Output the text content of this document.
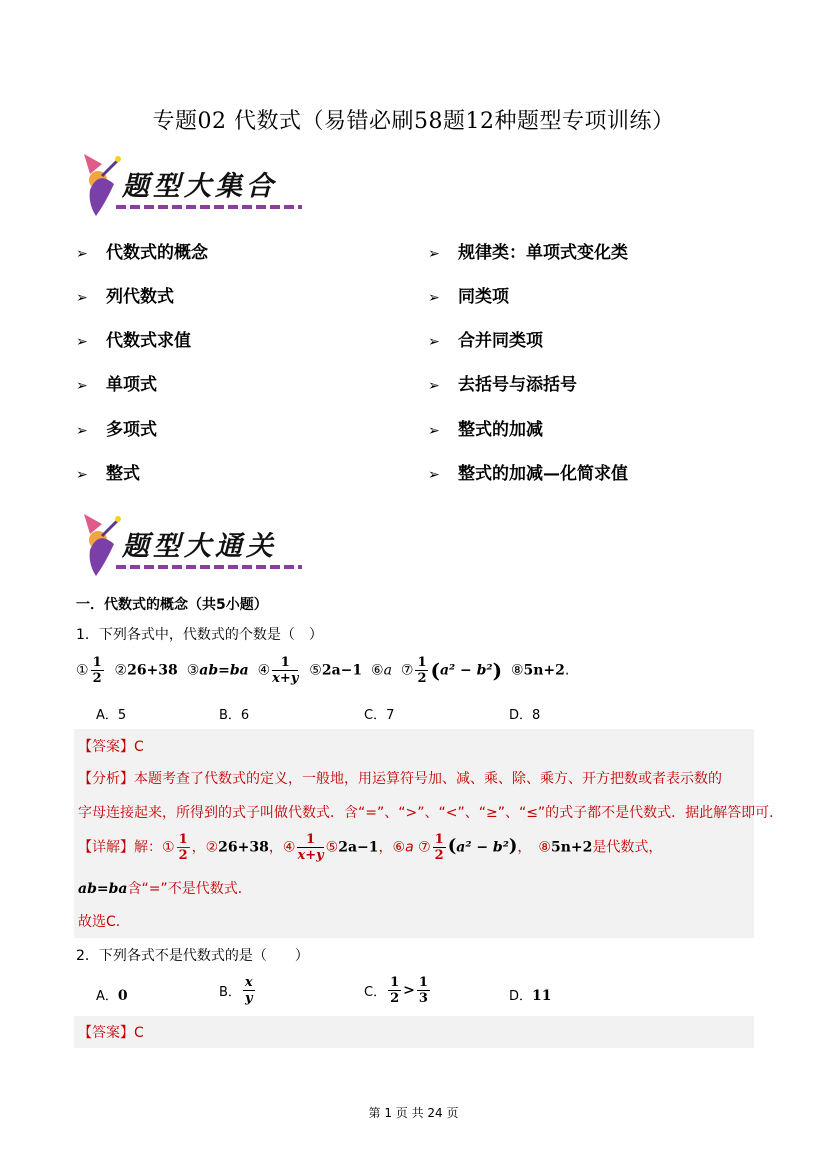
专题02 代数式（易错必刷58题12种题型专项训练）
题型大集合
➢ 代数式的概念
➢ 列代数式
➢ 代数式求值
➢ 单项式
➢ 多项式
➢ 整式
➢ 规律类：单项式变化类
➢ 同类项
➢ 合并同类项
➢ 去括号与添括号
➢ 整式的加减
➢ 整式的加减—化简求值
题型大通关
一．代数式的概念（共5小题）
1．下列各式中，代数式的个数是（　）
① $\frac{1}{2}$ ②26+38 ③ab=ba ④ $\frac{1}{x+y}$ ⑤2a−1 ⑥a ⑦ $\frac{1}{2} (a^2 - b^2)$ ⑧5n+2.
A．5	B．6	C．7	D．8
【答案】C
【分析】本题考查了代数式的定义，一般地，用运算符号加、减、乘、除、乘方、开方把数或者表示数的
字母连接起来，所得到的式子叫做代数式．含“=”、“>”、“<”、“≥”、“≤”的式子都不是代数式．据此解答即可．
【详解】解：① $\frac{1}{2}$ ，②26+38，④ $\frac{1}{x+y}$ ⑤2a−1，⑥a ⑦ $\frac{1}{2} (a^2 - b^2)$，　⑧5n+2是代数式，
ab=ba含“=”不是代数式．
故选C．
2．下列各式不是代数式的是（　　）
A．0	B． $\frac{x}{y}$	C． $\frac{1}{2} > \frac{1}{3}$	D．11
【答案】C
第 1 页 共 24 页
